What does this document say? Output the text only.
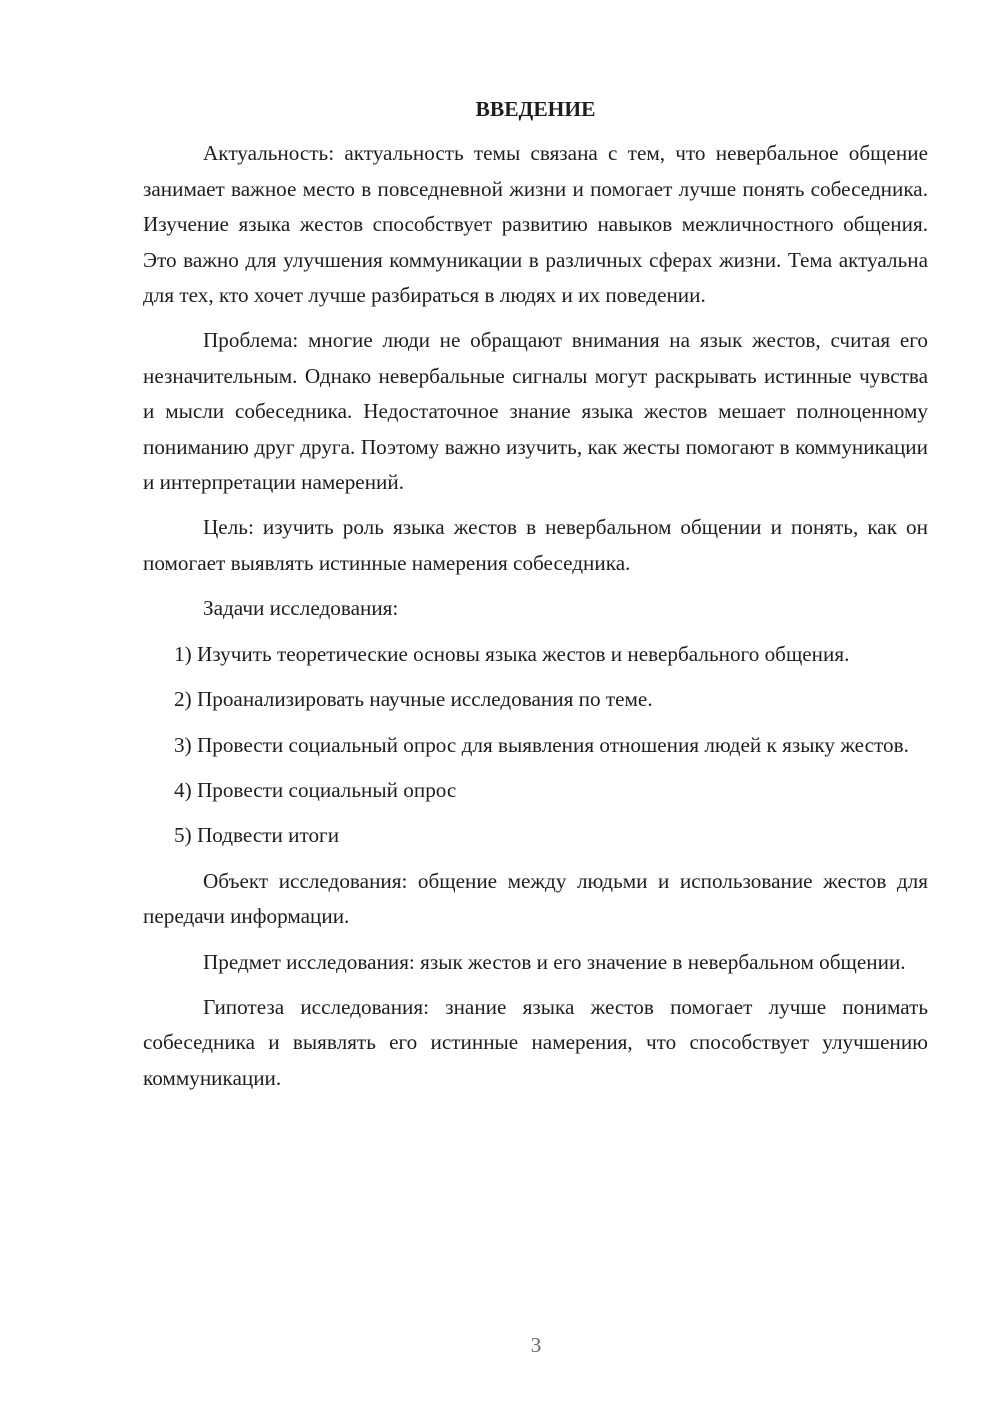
ВВЕДЕНИЕ

Актуальность: актуальность темы связана с тем, что невербальное общение занимает важное место в повседневной жизни и помогает лучше понять собеседника. Изучение языка жестов способствует развитию навыков межличностного общения. Это важно для улучшения коммуникации в различных сферах жизни. Тема актуальна для тех, кто хочет лучше разбираться в людях и их поведении.

Проблема: многие люди не обращают внимания на язык жестов, считая его незначительным. Однако невербальные сигналы могут раскрывать истинные чувства и мысли собеседника. Недостаточное знание языка жестов мешает полноценному пониманию друг друга. Поэтому важно изучить, как жесты помогают в коммуникации и интерпретации намерений.

Цель: изучить роль языка жестов в невербальном общении и понять, как он помогает выявлять истинные намерения собеседника.

Задачи исследования:

1) Изучить теоретические основы языка жестов и невербального общения.

2) Проанализировать научные исследования по теме.

3) Провести социальный опрос для выявления отношения людей к языку жестов.

4) Провести социальный опрос

5) Подвести итоги

Объект исследования: общение между людьми и использование жестов для передачи информации.

Предмет исследования: язык жестов и его значение в невербальном общении.

Гипотеза исследования: знание языка жестов помогает лучше понимать собеседника и выявлять его истинные намерения, что способствует улучшению коммуникации.

3
